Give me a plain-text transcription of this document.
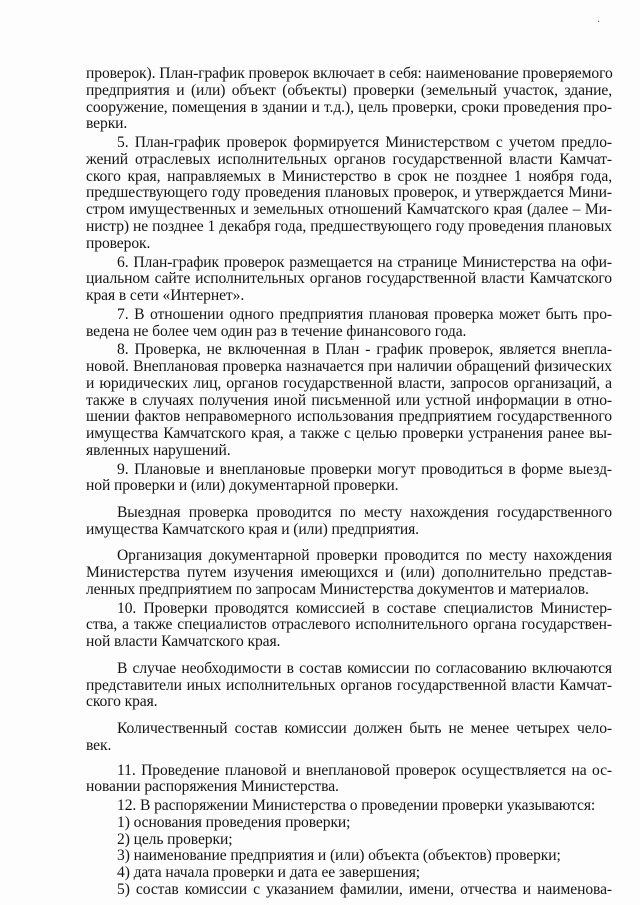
·
проверок). План-график проверок включает в себя: наименование проверяемого
предприятия и (или) объект (объекты) проверки (земельный участок, здание,
сооружение, помещения в здании и т.д.), цель проверки, сроки проведения про-
верки.
5. План-график проверок формируется Министерством с учетом предло-
жений отраслевых исполнительных органов государственной власти Камчат-
ского края, направляемых в Министерство в срок не позднее 1 ноября года,
предшествующего году проведения плановых проверок, и утверждается Мини-
стром имущественных и земельных отношений Камчатского края (далее – Ми-
нистр) не позднее 1 декабря года, предшествующего году проведения плановых
проверок.
6. План-график проверок размещается на странице Министерства на офи-
циальном сайте исполнительных органов государственной власти Камчатского
края в сети «Интернет».
7. В отношении одного предприятия плановая проверка может быть про-
ведена не более чем один раз в течение финансового года.
8. Проверка, не включенная в План - график проверок, является внепла-
новой. Внеплановая проверка назначается при наличии обращений физических
и юридических лиц, органов государственной власти, запросов организаций, а
также в случаях получения иной письменной или устной информации в отно-
шении фактов неправомерного использования предприятием государственного
имущества Камчатского края, а также с целью проверки устранения ранее вы-
явленных нарушений.
9. Плановые и внеплановые проверки могут проводиться в форме выезд-
ной проверки и (или) документарной проверки.
Выездная проверка проводится по месту нахождения государственного
имущества Камчатского края и (или) предприятия.
Организация документарной проверки проводится по месту нахождения
Министерства путем изучения имеющихся и (или) дополнительно представ-
ленных предприятием по запросам Министерства документов и материалов.
10. Проверки проводятся комиссией в составе специалистов Министер-
ства, а также специалистов отраслевого исполнительного органа государствен-
ной власти Камчатского края.
В случае необходимости в состав комиссии по согласованию включаются
представители иных исполнительных органов государственной власти Камчат-
ского края.
Количественный состав комиссии должен быть не менее четырех чело-
век.
11. Проведение плановой и внеплановой проверок осуществляется на ос-
новании распоряжения Министерства.
12. В распоряжении Министерства о проведении проверки указываются:
1) основания проведения проверки;
2) цель проверки;
3) наименование предприятия и (или) объекта (объектов) проверки;
4) дата начала проверки и дата ее завершения;
5) состав комиссии с указанием фамилии, имени, отчества и наименова-
